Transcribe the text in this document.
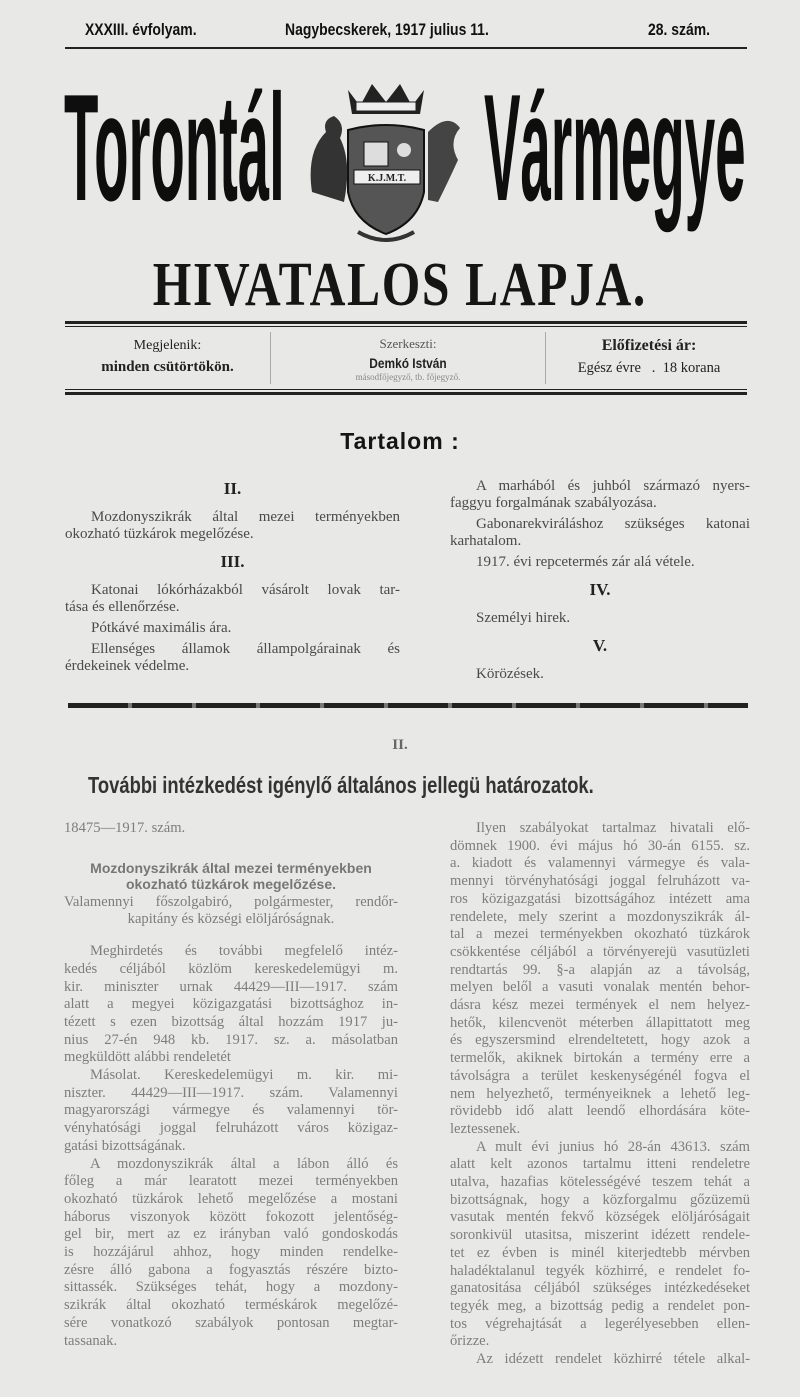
XXXIII. évfolyam.	Nagybecskerek, 1917 julius 11.	28. szám.
Torontál Vármegye
K.J.M.T.
HIVATALOS LAPJA.
Megjelenik:
minden csütörtökön.
Szerkeszti:
Demkó István
másodfőjegyző, tb. főjegyző.
Előfizetési ár:
Egész évre   .  18 korana
Tartalom :
II.
Mozdonyszikrák által mezei terményekben
okozható tüzkárok megelőzése.
III.
Katonai lókórházakból vásárolt lovak tar-
tása és ellenőrzése.
Pótkávé maximális ára.
Ellenséges államok állampolgárainak és
érdekeinek védelme.
A marhából és juhból származó nyers-
faggyu forgalmának szabályozása.
Gabonarekviráláshoz szükséges katonai
karhatalom.
1917. évi repcetermés zár alá vétele.
IV.
Személyi hirek.
V.
Körözések.
II.
További intézkedést igénylő általános jellegü határozatok.
18475—1917. szám.
Mozdonyszikrák által mezei terményekben
okozható tüzkárok megelőzése.
Valamennyi főszolgabiró, polgármester, rendőr-
kapitány és községi elöljáróságnak.
Meghirdetés és további megfelelő intéz-
kedés céljából közlöm kereskedelemügyi m.
kir. miniszter urnak 44429—III—1917. szám
alatt a megyei közigazgatási bizottsághoz in-
tézett s ezen bizottság által hozzám 1917 ju-
nius 27-én 948 kb. 1917. sz. a. másolatban
megküldött alábbi rendeletét
Másolat. Kereskedelemügyi m. kir. mi-
niszter. 44429—III—1917. szám. Valamennyi
magyarországi vármegye és valamennyi tör-
vényhatósági joggal felruházott város közigaz-
gatási bizottságának.
A mozdonyszikrák által a lábon álló és
főleg a már learatott mezei terményekben
okozható tüzkárok lehető megelőzése a mostani
háborus viszonyok között fokozott jelentőség-
gel bir, mert az ez irányban való gondoskodás
is hozzájárul ahhoz, hogy minden rendelke-
zésre álló gabona a fogyasztás részére bizto-
sittassék. Szükséges tehát, hogy a mozdony-
szikrák által okozható terméskárok megelőzé-
sére vonatkozó szabályok pontosan megtar-
tassanak.
Ilyen szabályokat tartalmaz hivatali elő-
dömnek 1900. évi május hó 30-án 6155. sz.
a. kiadott és valamennyi vármegye és vala-
mennyi törvényhatósági joggal felruházott va-
ros közigazgatási bizottságához intézett ama
rendelete, mely szerint a mozdonyszikrák ál-
tal a mezei terményekben okozható tüzkárok
csökkentése céljából a törvényerejü vasutüzleti
rendtartás 99. §-a alapján az a távolság,
melyen belől a vasuti vonalak mentén behor-
dásra kész mezei termények el nem helyez-
hetők, kilencvenöt méterben állapittatott meg
és egyszersmind elrendeltetett, hogy azok a
termelők, akiknek birtokán a termény erre a
távolságra a terület keskenységénél fogva el
nem helyezhető, terményeiknek a lehető leg-
rövidebb idő alatt leendő elhordására köte-
leztessenek.
A mult évi junius hó 28-án 43613. szám
alatt kelt azonos tartalmu itteni rendeletre
utalva, hazafias kötelességévé teszem tehát a
bizottságnak, hogy a közforgalmu gőzüzemü
vasutak mentén fekvő községek elöljáróságait
soronkivül utasitsa, miszerint idézett rendele-
tet ez évben is minél kiterjedtebb mérvben
haladéktalanul tegyék közhirré, e rendelet fo-
ganatositása céljából szükséges intézkedéseket
tegyék meg, a bizottság pedig a rendelet pon-
tos végrehajtását a legerélyesebben ellen-
őrizze.
Az idézett rendelet közhirré tétele alkal-
